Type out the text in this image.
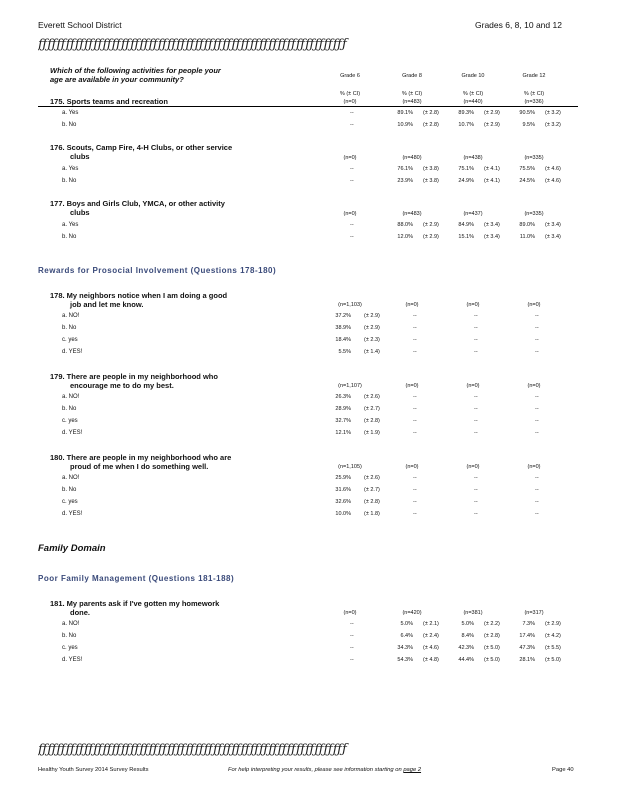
Everett School District	Grades 6, 8, 10 and 12
ƒƒƒƒƒƒƒƒƒƒƒƒƒƒƒƒƒƒƒƒƒƒƒƒƒƒƒƒƒƒƒƒƒƒƒƒƒƒƒƒƒƒƒƒƒƒƒƒƒƒƒƒƒƒƒƒƒƒƒƒƒƒƒƒƒƒƒ
Which of the following activities for people your
age are available in your community?	Grade 6	Grade 8	Grade 10	Grade 12
% (± CI)	% (± CI)	% (± CI)	% (± CI)
175. Sports teams and recreation	(n=0)	(n=483)	(n=440)	(n=336)
a. Yes	--	89.1% (± 2.8)	89.3% (± 2.9)	90.5% (± 3.2)
b. No	--	10.9% (± 2.8)	10.7% (± 2.9)	9.5% (± 3.2)
176. Scouts, Camp Fire, 4-H Clubs, or other service
clubs	(n=0)	(n=480)	(n=438)	(n=335)
a. Yes	--	76.1% (± 3.8)	75.1% (± 4.1)	75.5% (± 4.6)
b. No	--	23.9% (± 3.8)	24.9% (± 4.1)	24.5% (± 4.6)
177. Boys and Girls Club, YMCA, or other activity
clubs	(n=0)	(n=483)	(n=437)	(n=335)
a. Yes	--	88.0% (± 2.9)	84.9% (± 3.4)	89.0% (± 3.4)
b. No	--	12.0% (± 2.9)	15.1% (± 3.4)	11.0% (± 3.4)
Rewards for Prosocial Involvement (Questions 178-180)
178. My neighbors notice when I am doing a good
job and let me know.	(n=1,103)	(n=0)	(n=0)	(n=0)
a. NO!	37.2% (± 2.9)	--	--	--
b. No	38.9% (± 2.9)	--	--	--
c. yes	18.4% (± 2.3)	--	--	--
d. YES!	5.5% (± 1.4)	--	--	--
179. There are people in my neighborhood who
encourage me to do my best.	(n=1,107)	(n=0)	(n=0)	(n=0)
a. NO!	26.3% (± 2.6)	--	--	--
b. No	28.9% (± 2.7)	--	--	--
c. yes	32.7% (± 2.8)	--	--	--
d. YES!	12.1% (± 1.9)	--	--	--
180. There are people in my neighborhood who are
proud of me when I do something well.	(n=1,105)	(n=0)	(n=0)	(n=0)
a. NO!	25.9% (± 2.6)	--	--	--
b. No	31.6% (± 2.7)	--	--	--
c. yes	32.6% (± 2.8)	--	--	--
d. YES!	10.0% (± 1.8)	--	--	--
Family Domain
Poor Family Management (Questions 181-188)
181. My parents ask if I've gotten my homework
done.	(n=0)	(n=420)	(n=381)	(n=317)
a. NO!	--	5.0% (± 2.1)	5.0% (± 2.2)	7.3% (± 2.9)
b. No	--	6.4% (± 2.4)	8.4% (± 2.8)	17.4% (± 4.2)
c. yes	--	34.3% (± 4.6)	42.3% (± 5.0)	47.3% (± 5.5)
d. YES!	--	54.3% (± 4.8)	44.4% (± 5.0)	28.1% (± 5.0)
ƒƒƒƒƒƒƒƒƒƒƒƒƒƒƒƒƒƒƒƒƒƒƒƒƒƒƒƒƒƒƒƒƒƒƒƒƒƒƒƒƒƒƒƒƒƒƒƒƒƒƒƒƒƒƒƒƒƒƒƒƒƒƒƒƒƒƒ
Healthy Youth Survey 2014 Survey Results	For help interpreting your results, please see information starting on page 2	Page 40
